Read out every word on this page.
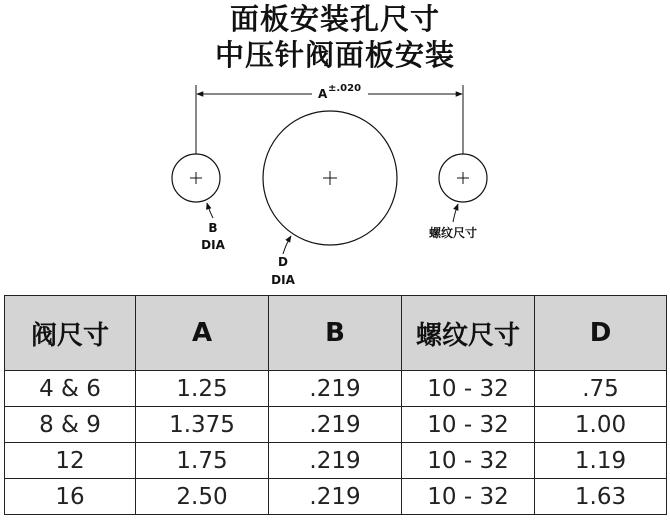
面板安装孔尺寸
中压针阀面板安装
A ±.020
B
DIA
D
DIA
螺纹尺寸
阀尺寸	A	B	螺纹尺寸	D
4 & 6	1.25	.219	10 - 32	.75
8 & 9	1.375	.219	10 - 32	1.00
12	1.75	.219	10 - 32	1.19
16	2.50	.219	10 - 32	1.63
